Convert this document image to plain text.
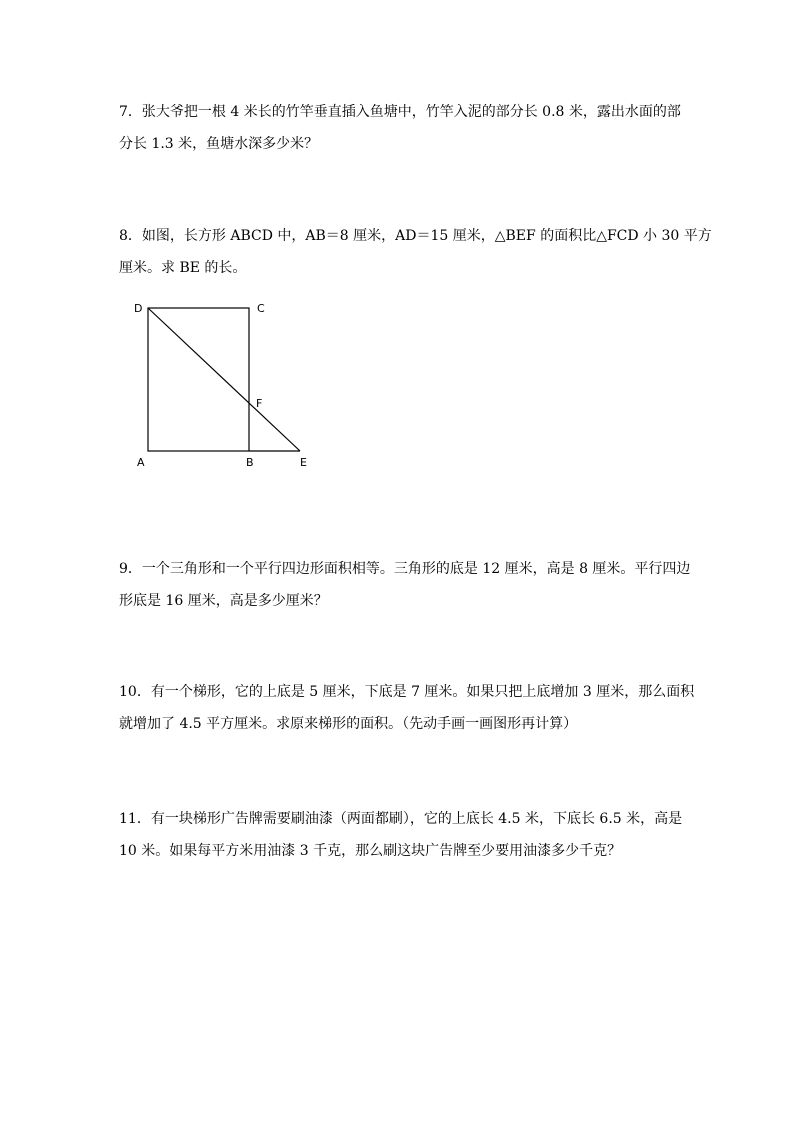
7．张大爷把一根 4 米长的竹竿垂直插入鱼塘中，竹竿入泥的部分长 0.8 米，露出水面的部
分长 1.3 米，鱼塘水深多少米？
8．如图，长方形 ABCD 中，AB＝8 厘米，AD＝15 厘米，△BEF 的面积比△FCD 小 30 平方
厘米。求 BE 的长。
D	C
F
A	B	E
9．一个三角形和一个平行四边形面积相等。三角形的底是 12 厘米，高是 8 厘米。平行四边
形底是 16 厘米，高是多少厘米？
10．有一个梯形，它的上底是 5 厘米，下底是 7 厘米。如果只把上底增加 3 厘米，那么面积
就增加了 4.5 平方厘米。求原来梯形的面积。（先动手画一画图形再计算）
11．有一块梯形广告牌需要刷油漆（两面都刷），它的上底长 4.5 米，下底长 6.5 米，高是
10 米。如果每平方米用油漆 3 千克，那么刷这块广告牌至少要用油漆多少千克？
